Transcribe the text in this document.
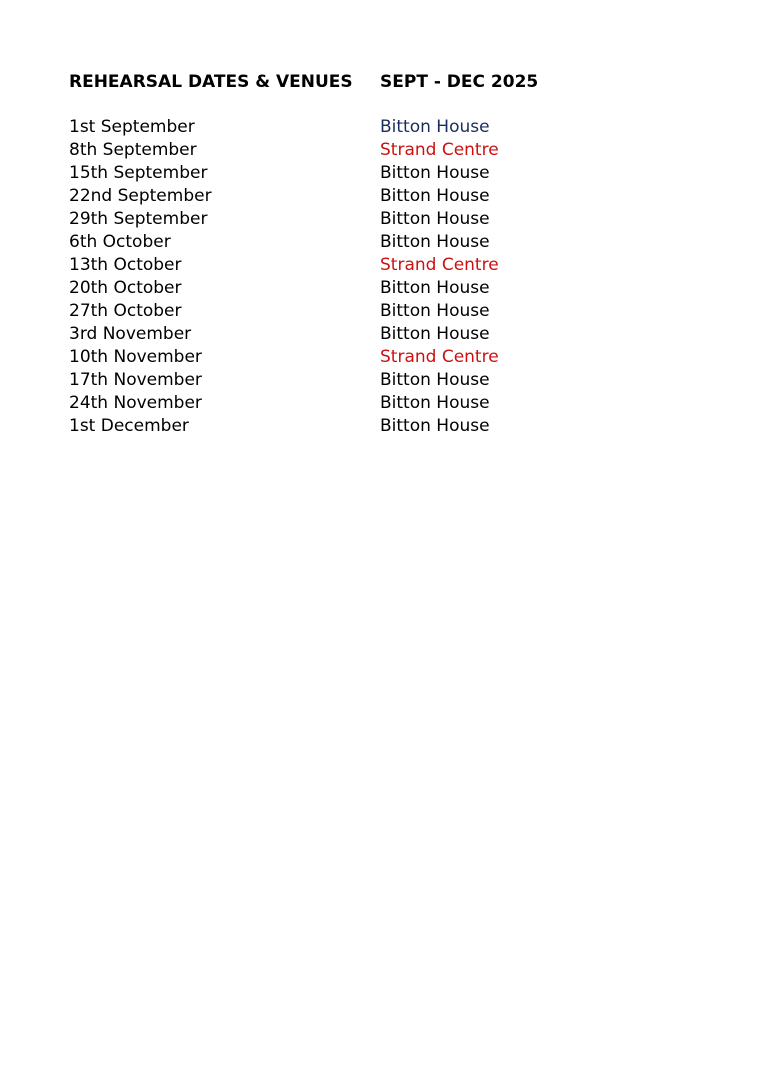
REHEARSAL DATES & VENUES SEPT - DEC 2025
1st September	Bitton House
8th September	Strand Centre
15th September	Bitton House
22nd September	Bitton House
29th September	Bitton House
6th October	Bitton House
13th October	Strand Centre
20th October	Bitton House
27th October	Bitton House
3rd November	Bitton House
10th November	Strand Centre
17th November	Bitton House
24th November	Bitton House
1st December	Bitton House
